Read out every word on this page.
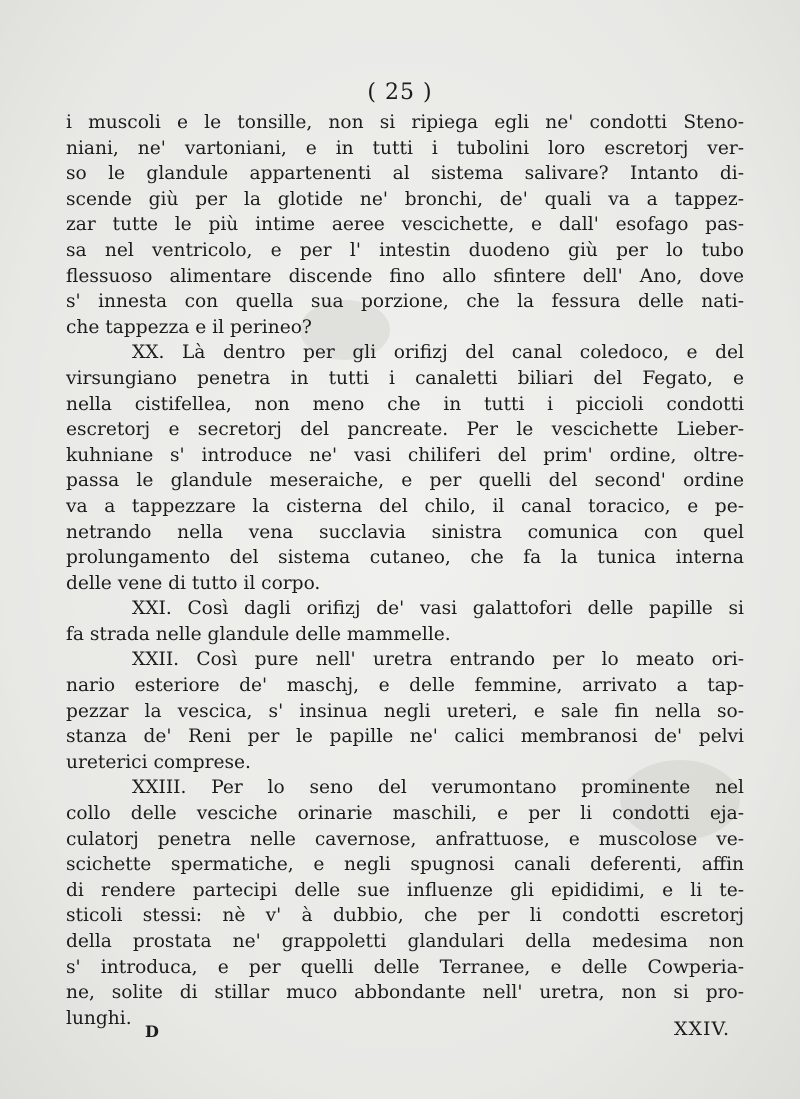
( 25 )
i muscoli e le tonsille, non si ripiega egli ne' condotti Steno-
niani, ne' vartoniani, e in tutti i tubolini loro escretorj ver-
so le glandule appartenenti al sistema salivare? Intanto di-
scende giù per la glotide ne' bronchi, de' quali va a tappez-
zar tutte le più intime aeree vescichette, e dall' esofago pas-
sa nel ventricolo, e per l' intestin duodeno giù per lo tubo
flessuoso alimentare discende fino allo sfintere dell' Ano, dove
s' innesta con quella sua porzione, che la fessura delle nati-
che tappezza e il perineo?
XX. Là dentro per gli orifizj del canal coledoco, e del
virsungiano penetra in tutti i canaletti biliari del Fegato, e
nella cistifellea, non meno che in tutti i piccioli condotti
escretorj e secretorj del pancreate. Per le vescichette Lieber-
kuhniane s' introduce ne' vasi chiliferi del prim' ordine, oltre-
passa le glandule meseraiche, e per quelli del second' ordine
va a tappezzare la cisterna del chilo, il canal toracico, e pe-
netrando nella vena succlavia sinistra comunica con quel
prolungamento del sistema cutaneo, che fa la tunica interna
delle vene di tutto il corpo.
XXI. Così dagli orifizj de' vasi galattofori delle papille si
fa strada nelle glandule delle mammelle.
XXII. Così pure nell' uretra entrando per lo meato ori-
nario esteriore de' maschj, e delle femmine, arrivato a tap-
pezzar la vescica, s' insinua negli ureteri, e sale fin nella so-
stanza de' Reni per le papille ne' calici membranosi de' pelvi
ureterici comprese.
XXIII. Per lo seno del verumontano prominente nel
collo delle vesciche orinarie maschili, e per li condotti eja-
culatorj penetra nelle cavernose, anfrattuose, e muscolose ve-
scichette spermatiche, e negli spugnosi canali deferenti, affin
di rendere partecipi delle sue influenze gli epididimi, e li te-
sticoli stessi: nè v' à dubbio, che per li condotti escretorj
della prostata ne' grappoletti glandulari della medesima non
s' introduca, e per quelli delle Terranee, e delle Cowperia-
ne, solite di stillar muco abbondante nell' uretra, non si pro-
lunghi.
D	XXIV.
